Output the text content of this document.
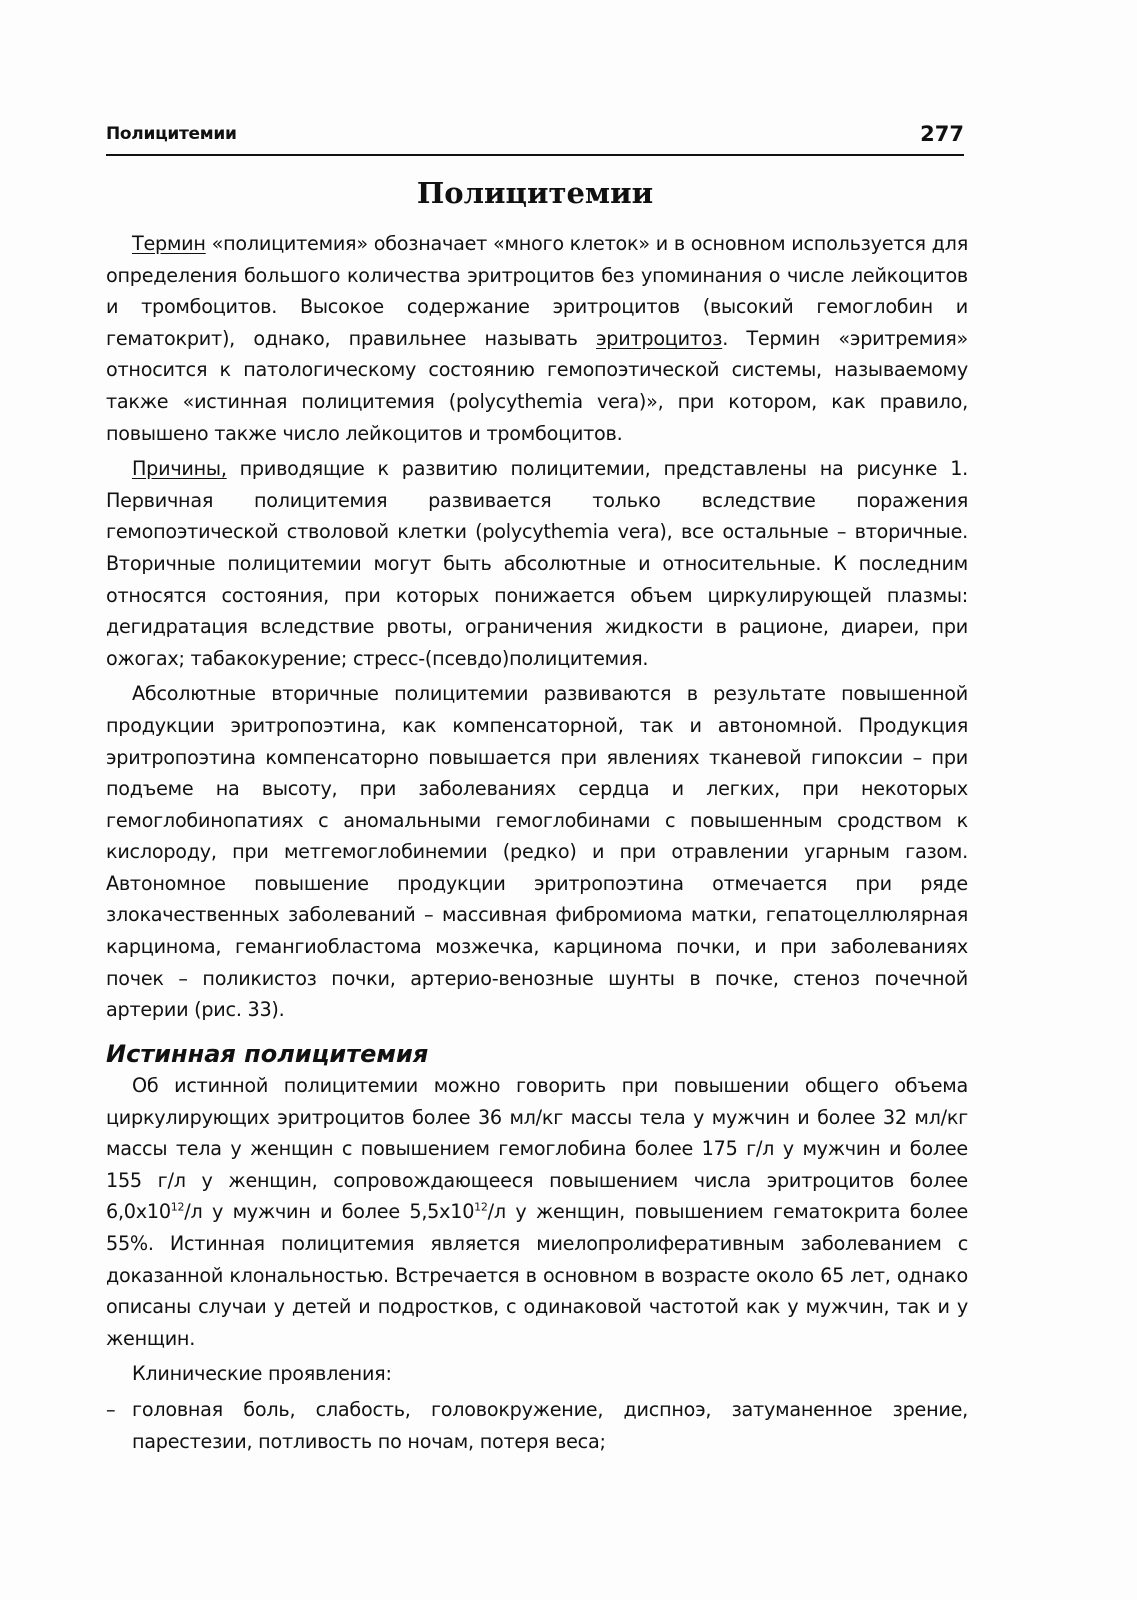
Полицитемии	277
Полицитемии

Термин «полицитемия» обозначает «много клеток» и в основном используется для определения большого количества эритроцитов без упоминания о числе лейкоцитов и тромбоцитов. Высокое содержание эритроцитов (высокий гемоглобин и гематокрит), однако, правильнее называть эритроцитоз. Термин «эритремия» относится к патологическому состоянию гемопоэтической системы, называемому также «истинная полицитемия (polycythemia vera)», при котором, как правило, повышено также число лейкоцитов и тромбоцитов.

Причины, приводящие к развитию полицитемии, представлены на рисунке 1. Первичная полицитемия развивается только вследствие поражения гемопоэтической стволовой клетки (polycythemia vera), все остальные – вторичные. Вторичные полицитемии могут быть абсолютные и относительные. К последним относятся состояния, при которых понижается объем циркулирующей плазмы: дегидратация вследствие рвоты, ограничения жидкости в рационе, диареи, при ожогах; табакокурение; стресс-(псевдо)полицитемия.

Абсолютные вторичные полицитемии развиваются в результате повышенной продукции эритропоэтина, как компенсаторной, так и автономной. Продукция эритропоэтина компенсаторно повышается при явлениях тканевой гипоксии – при подъеме на высоту, при заболеваниях сердца и легких, при некоторых гемоглобинопатиях с аномальными гемоглобинами с повышенным сродством к кислороду, при метгемоглобинемии (редко) и при отравлении угарным газом. Автономное повышение продукции эритропоэтина отмечается при ряде злокачественных заболеваний – массивная фибромиома матки, гепатоцеллюлярная карцинома, гемангиобластома мозжечка, карцинома почки, и при заболеваниях почек – поликистоз почки, артерио-венозные шунты в почке, стеноз почечной артерии (рис. 33).

Истинная полицитемия

Об истинной полицитемии можно говорить при повышении общего объема циркулирующих эритроцитов более 36 мл/кг массы тела у мужчин и более 32 мл/кг массы тела у женщин с повышением гемоглобина более 175 г/л у мужчин и более 155 г/л у женщин, сопровождающееся повышением числа эритроцитов более $6,0x10^{12}/л$ у мужчин и более $5,5x10^{12}/л$ у женщин, повышением гематокрита более 55%. Истинная полицитемия является миелопролиферативным заболеванием с доказанной клональностью. Встречается в основном в возрасте около 65 лет, однако описаны случаи у детей и подростков, с одинаковой частотой как у мужчин, так и у женщин.

Клинические проявления:

– головная боль, слабость, головокружение, диспноэ, затуманенное зрение, парестезии, потливость по ночам, потеря веса;
